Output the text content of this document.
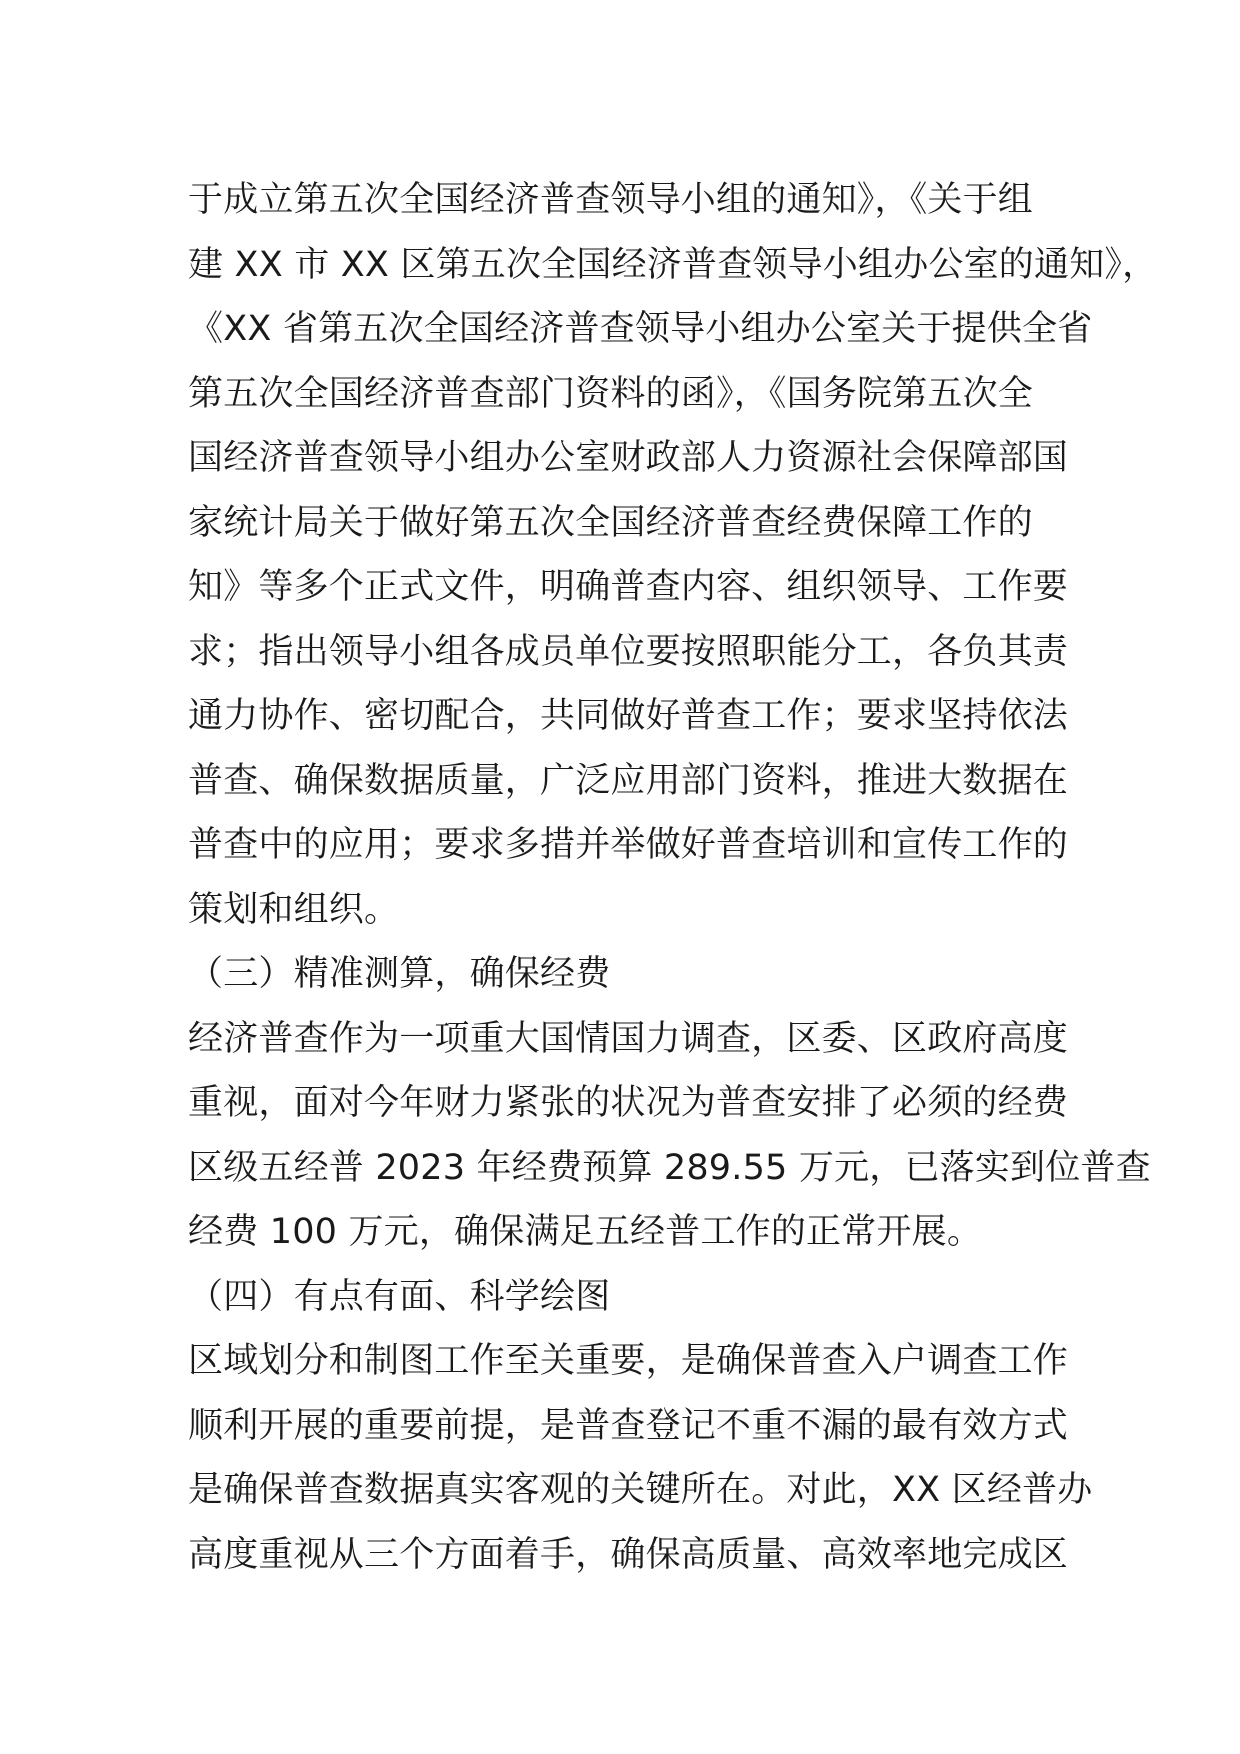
于成立第五次全国经济普查领导小组的通知》，《关于组
建 XX 市 XX 区第五次全国经济普查领导小组办公室的通知》，
《XX 省第五次全国经济普查领导小组办公室关于提供全省
第五次全国经济普查部门资料的函》，《国务院第五次全
国经济普查领导小组办公室财政部人力资源社会保障部国
家统计局关于做好第五次全国经济普查经费保障工作的
知》等多个正式文件，明确普查内容、组织领导、工作要
求；指出领导小组各成员单位要按照职能分工，各负其责
通力协作、密切配合，共同做好普查工作；要求坚持依法
普查、确保数据质量，广泛应用部门资料，推进大数据在
普查中的应用；要求多措并举做好普查培训和宣传工作的
策划和组织。
（三）精准测算，确保经费
经济普查作为一项重大国情国力调查，区委、区政府高度
重视，面对今年财力紧张的状况为普查安排了必须的经费
区级五经普 2023 年经费预算 289.55 万元，已落实到位普查
经费 100 万元，确保满足五经普工作的正常开展。
（四）有点有面、科学绘图
区域划分和制图工作至关重要，是确保普查入户调查工作
顺利开展的重要前提，是普查登记不重不漏的最有效方式
是确保普查数据真实客观的关键所在。对此，XX 区经普办
高度重视从三个方面着手，确保高质量、高效率地完成区
